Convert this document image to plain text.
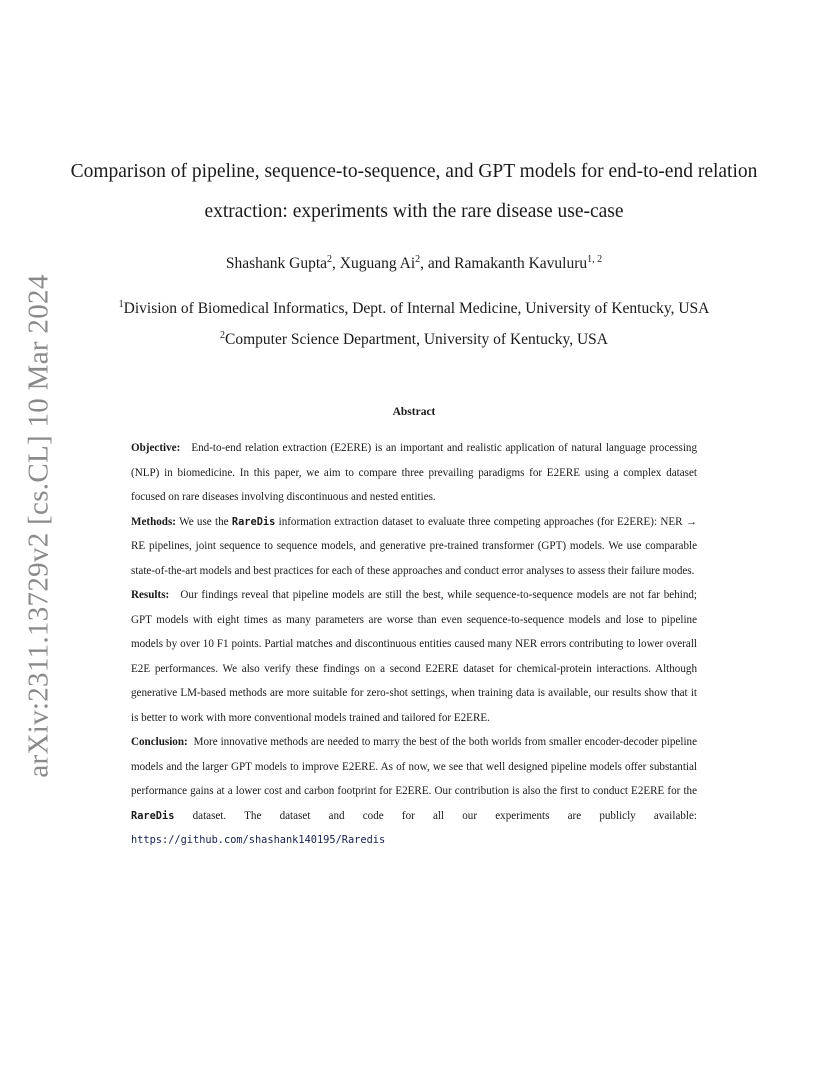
arXiv:2311.13729v2 [cs.CL] 10 Mar 2024
Comparison of pipeline, sequence-to-sequence, and GPT models for end-to-end relation extraction: experiments with the rare disease use-case
Shashank Gupta$^2$, Xuguang Ai$^2$, and Ramakanth Kavuluru$^{1, 2}$
$^1$Division of Biomedical Informatics, Dept. of Internal Medicine, University of Kentucky, USA
$^2$Computer Science Department, University of Kentucky, USA
Abstract

Objective: End-to-end relation extraction (E2ERE) is an important and realistic application of natural language processing (NLP) in biomedicine. In this paper, we aim to compare three prevailing paradigms for E2ERE using a complex dataset focused on rare diseases involving discontinuous and nested entities.

Methods: We use the RareDis information extraction dataset to evaluate three competing approaches (for E2ERE): NER → RE pipelines, joint sequence to sequence models, and generative pre-trained transformer (GPT) models. We use comparable state-of-the-art models and best practices for each of these approaches and conduct error analyses to assess their failure modes.

Results: Our findings reveal that pipeline models are still the best, while sequence-to-sequence models are not far behind; GPT models with eight times as many parameters are worse than even sequence-to-sequence models and lose to pipeline models by over 10 F1 points. Partial matches and discontinuous entities caused many NER errors contributing to lower overall E2E performances. We also verify these findings on a second E2ERE dataset for chemical-protein interactions. Although generative LM-based methods are more suitable for zero-shot settings, when training data is available, our results show that it is better to work with more conventional models trained and tailored for E2ERE.

Conclusion: More innovative methods are needed to marry the best of the both worlds from smaller encoder-decoder pipeline models and the larger GPT models to improve E2ERE. As of now, we see that well designed pipeline models offer substantial performance gains at a lower cost and carbon footprint for E2ERE. Our contribution is also the first to conduct E2ERE for the RareDis dataset. The dataset and code for all our experiments are publicly available: https://github.com/shashank140195/Raredis
